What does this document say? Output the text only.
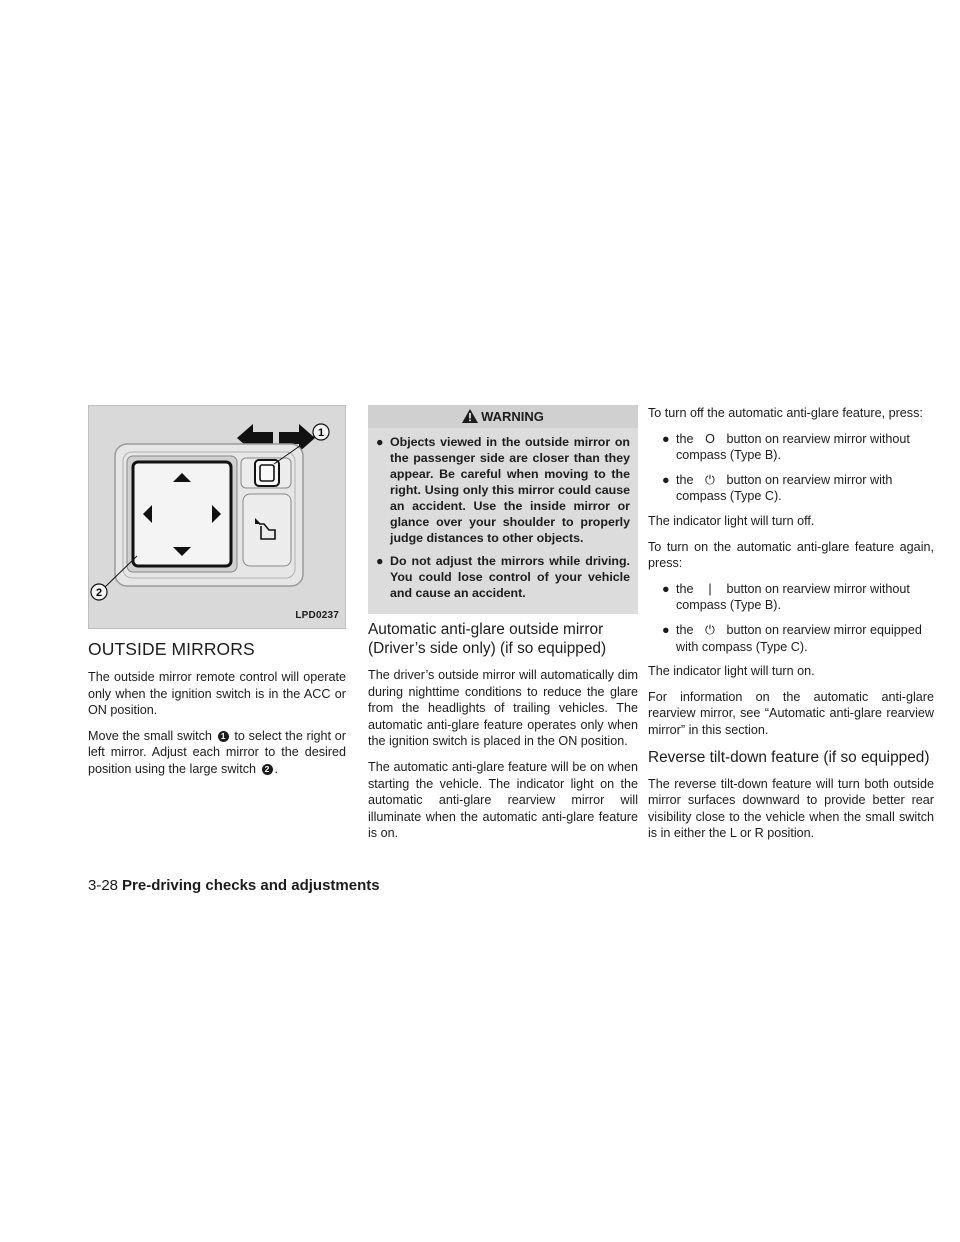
1
2
LPD0237
OUTSIDE MIRRORS

The outside mirror remote control will operate only when the ignition switch is in the ACC or ON position.

Move the small switch 1 to select the right or left mirror. Adjust each mirror to the desired position using the large switch 2 .

WARNING
● Objects viewed in the outside mirror on the passenger side are closer than they appear. Be careful when moving to the right. Using only this mirror could cause an accident. Use the inside mirror or glance over your shoulder to properly judge distances to other objects.
● Do not adjust the mirrors while driving. You could lose control of your vehicle and cause an accident.
Automatic anti-glare outside mirror (Driver’s side only) (if so equipped)

The driver’s outside mirror will automatically dim during nighttime conditions to reduce the glare from the headlights of trailing vehicles. The automatic anti-glare feature operates only when the ignition switch is placed in the ON position.

The automatic anti-glare feature will be on when starting the vehicle. The indicator light on the automatic anti-glare rearview mirror will illuminate when the automatic anti-glare feature is on.

To turn off the automatic anti-glare feature, press:

● the O button on rearview mirror without compass (Type B).
● the ⏻ button on rearview mirror with compass (Type C).

The indicator light will turn off.

To turn on the automatic anti-glare feature again, press:

● the | button on rearview mirror without compass (Type B).
● the ⏻ button on rearview mirror equipped with compass (Type C).

The indicator light will turn on.

For information on the automatic anti-glare rearview mirror, see “Automatic anti-glare rearview mirror” in this section.

Reverse tilt-down feature (if so equipped)

The reverse tilt-down feature will turn both outside mirror surfaces downward to provide better rear visibility close to the vehicle when the small switch is in either the L or R position.

3-28 Pre-driving checks and adjustments
